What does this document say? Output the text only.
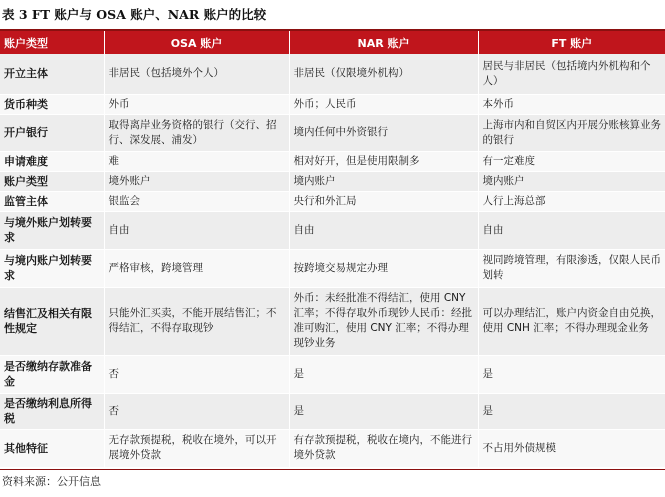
表 3 FT 账户与 OSA 账户、NAR 账户的比较
账户类型	OSA 账户	NAR 账户	FT 账户
开立主体	非居民（包括境外个人）	非居民（仅限境外机构）	居民与非居民（包括境内外机构和个人）
货币种类	外币	外币；人民币	本外币
开户银行	取得离岸业务资格的银行（交行、招行、深发展、浦发）	境内任何中外资银行	上海市内和自贸区内开展分账核算业务的银行
申请难度	难	相对好开，但是使用限制多	有一定难度
账户类型	境外账户	境内账户	境内账户
监管主体	银监会	央行和外汇局	人行上海总部
与境外账户划转要求	自由	自由	自由
与境内账户划转要求	严格审核，跨境管理	按跨境交易规定办理	视同跨境管理，有限渗透，仅限人民币划转
结售汇及相关有限性规定	只能外汇买卖，不能开展结售汇；不得结汇，不得存取现钞	外币：未经批准不得结汇，使用 CNY 汇率；不得存取外币现钞人民币：经批准可购汇，使用 CNY 汇率；不得办理现钞业务	可以办理结汇，账户内资金自由兑换，使用 CNH 汇率；不得办理现金业务
是否缴纳存款准备金	否	是	是
是否缴纳利息所得税	否	是	是
其他特征	无存款预提税，税收在境外，可以开展境外贷款	有存款预提税，税收在境内，不能进行境外贷款	不占用外债规模
资料来源：公开信息
